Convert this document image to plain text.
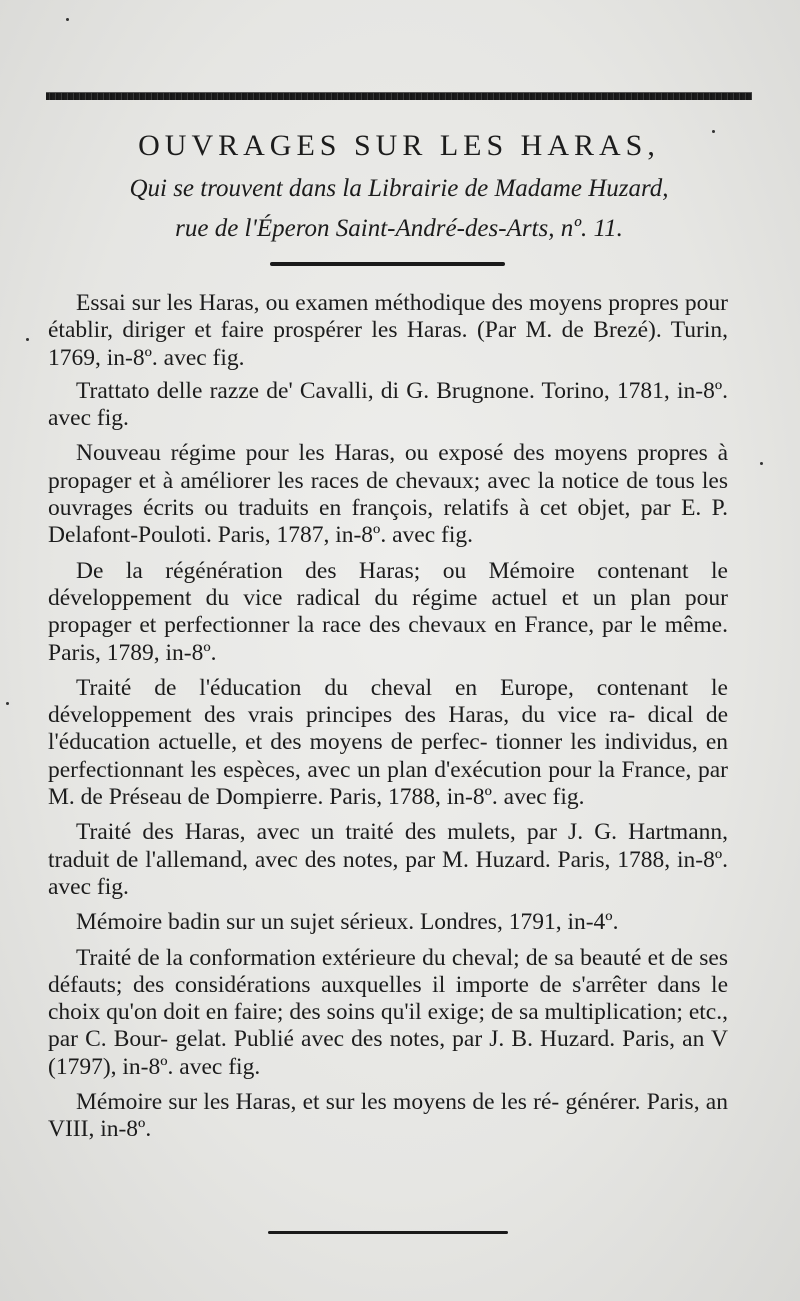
OUVRAGES SUR LES HARAS,
Qui se trouvent dans la Librairie de Madame Huzard,
rue de l'Éperon Saint-André-des-Arts, nº. 11.

Essai sur les Haras, ou examen méthodique des moyens propres pour établir, diriger et faire prospérer les Haras. (Par M. de Brezé). Turin, 1769, in-8º. avec fig.

Trattato delle razze de' Cavalli, di G. Brugnone. Torino, 1781, in-8º. avec fig.

Nouveau régime pour les Haras, ou exposé des moyens propres à propager et à améliorer les races de chevaux; avec la notice de tous les ouvrages écrits ou traduits en françois, relatifs à cet objet, par E. P. Delafont-Pouloti. Paris, 1787, in-8º. avec fig.

De la régénération des Haras; ou Mémoire contenant le développement du vice radical du régime actuel et un plan pour propager et perfectionner la race des chevaux en France, par le même. Paris, 1789, in-8º.

Traité de l'éducation du cheval en Europe, contenant le développement des vrais principes des Haras, du vice ra- dical de l'éducation actuelle, et des moyens de perfec- tionner les individus, en perfectionnant les espèces, avec un plan d'exécution pour la France, par M. de Préseau de Dompierre. Paris, 1788, in-8º. avec fig.

Traité des Haras, avec un traité des mulets, par J. G. Hartmann, traduit de l'allemand, avec des notes, par M. Huzard. Paris, 1788, in-8º. avec fig.

Mémoire badin sur un sujet sérieux. Londres, 1791, in-4º.

Traité de la conformation extérieure du cheval; de sa beauté et de ses défauts; des considérations auxquelles il importe de s'arrêter dans le choix qu'on doit en faire; des soins qu'il exige; de sa multiplication; etc., par C. Bour- gelat. Publié avec des notes, par J. B. Huzard. Paris, an V (1797), in-8º. avec fig.

Mémoire sur les Haras, et sur les moyens de les ré- générer. Paris, an VIII, in-8º.
